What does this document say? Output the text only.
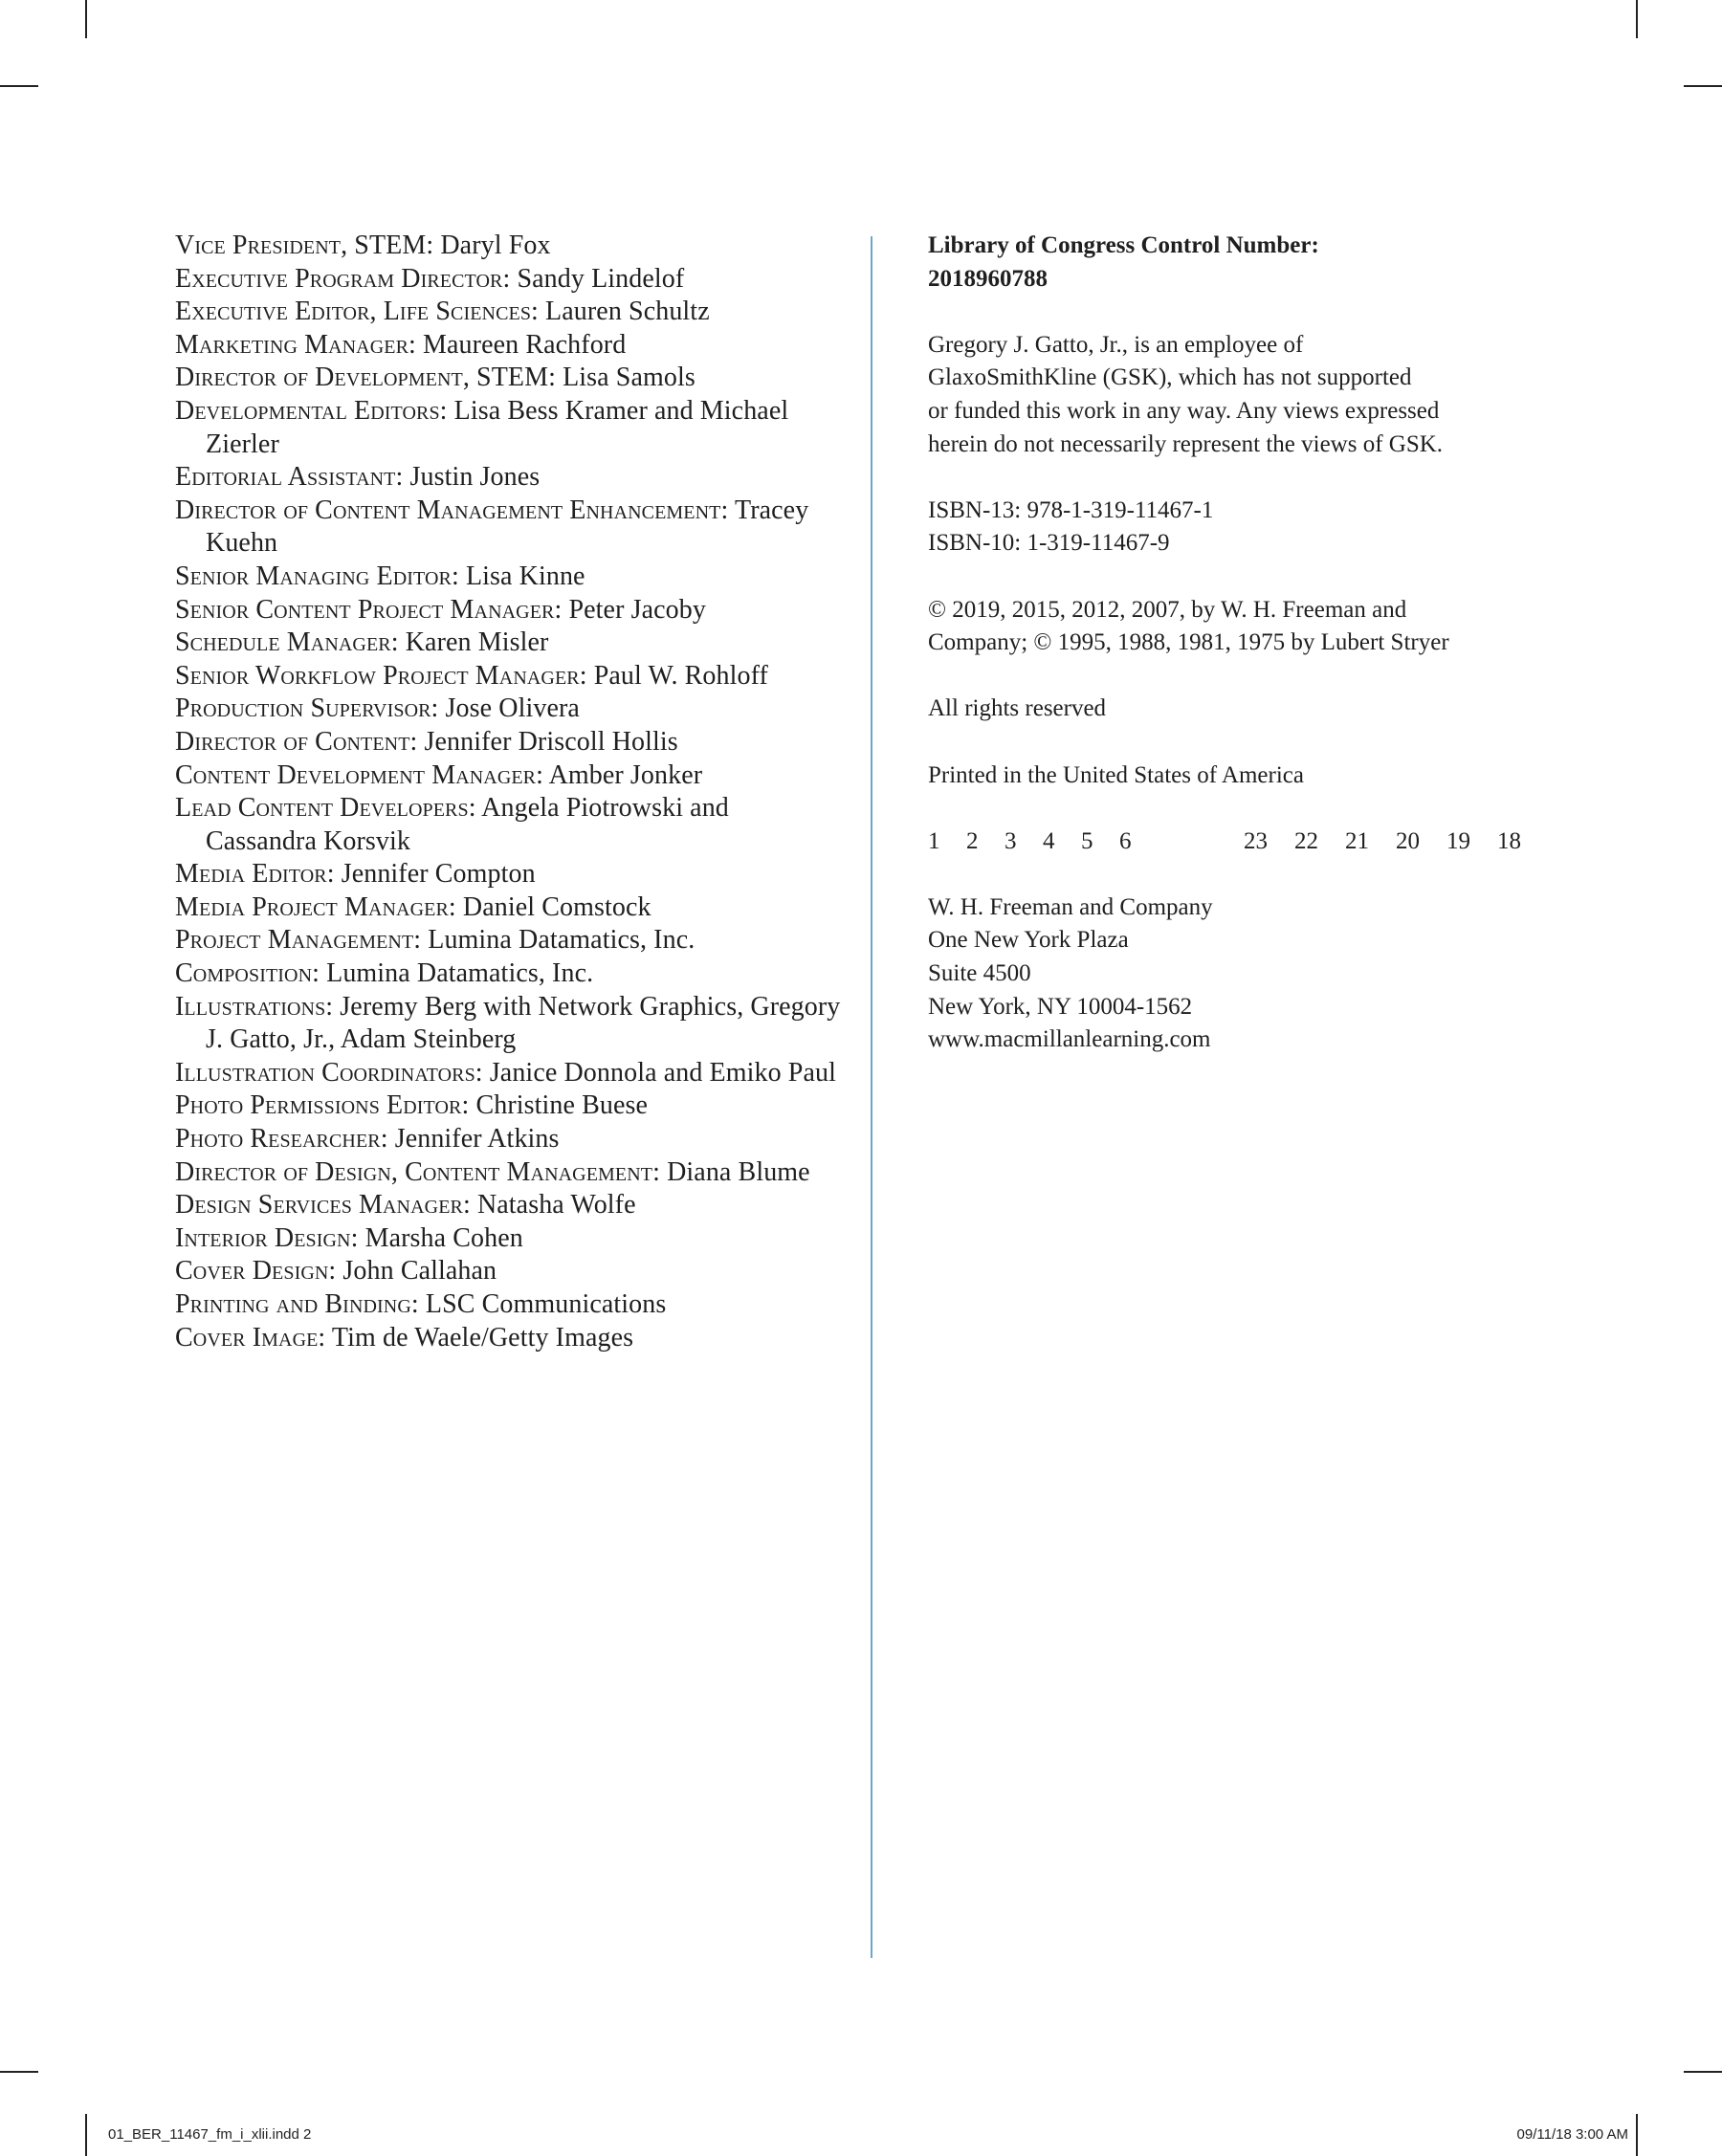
Vice President, STEM: Daryl Fox

Executive Program Director: Sandy Lindelof

Executive Editor, Life Sciences: Lauren Schultz

Marketing Manager: Maureen Rachford

Director of Development, STEM: Lisa Samols

Developmental Editors: Lisa Bess Kramer and Michael Zierler

Editorial Assistant: Justin Jones

Director of Content Management Enhancement: Tracey Kuehn

Senior Managing Editor: Lisa Kinne

Senior Content Project Manager: Peter Jacoby

Schedule Manager: Karen Misler

Senior Workflow Project Manager: Paul W. Rohloff

Production Supervisor: Jose Olivera

Director of Content: Jennifer Driscoll Hollis

Content Development Manager: Amber Jonker

Lead Content Developers: Angela Piotrowski and Cassandra Korsvik

Media Editor: Jennifer Compton

Media Project Manager: Daniel Comstock

Project Management: Lumina Datamatics, Inc.

Composition: Lumina Datamatics, Inc.

Illustrations: Jeremy Berg with Network Graphics, Gregory J. Gatto, Jr., Adam Steinberg

Illustration Coordinators: Janice Donnola and Emiko Paul

Photo Permissions Editor: Christine Buese

Photo Researcher: Jennifer Atkins

Director of Design, Content Management: Diana Blume

Design Services Manager: Natasha Wolfe

Interior Design: Marsha Cohen

Cover Design: John Callahan

Printing and Binding: LSC Communications

Cover Image: Tim de Waele/Getty Images

Library of Congress Control Number:

2018960788

Gregory J. Gatto, Jr., is an employee of

GlaxoSmithKline (GSK), which has not supported

or funded this work in any way. Any views expressed

herein do not necessarily represent the views of GSK.

ISBN-13: 978-1-319-11467-1

ISBN-10: 1-319-11467-9

© 2019, 2015, 2012, 2007, by W. H. Freeman and

Company; © 1995, 1988, 1981, 1975 by Lubert Stryer

All rights reserved

Printed in the United States of America

1 2 3 4 5 6	23 22 21 20 19 18

W. H. Freeman and Company

One New York Plaza

Suite 4500

New York, NY 10004-1562

www.macmillanlearning.com

01_BER_11467_fm_i_xlii.indd 2	09/11/18 3:00 AM
